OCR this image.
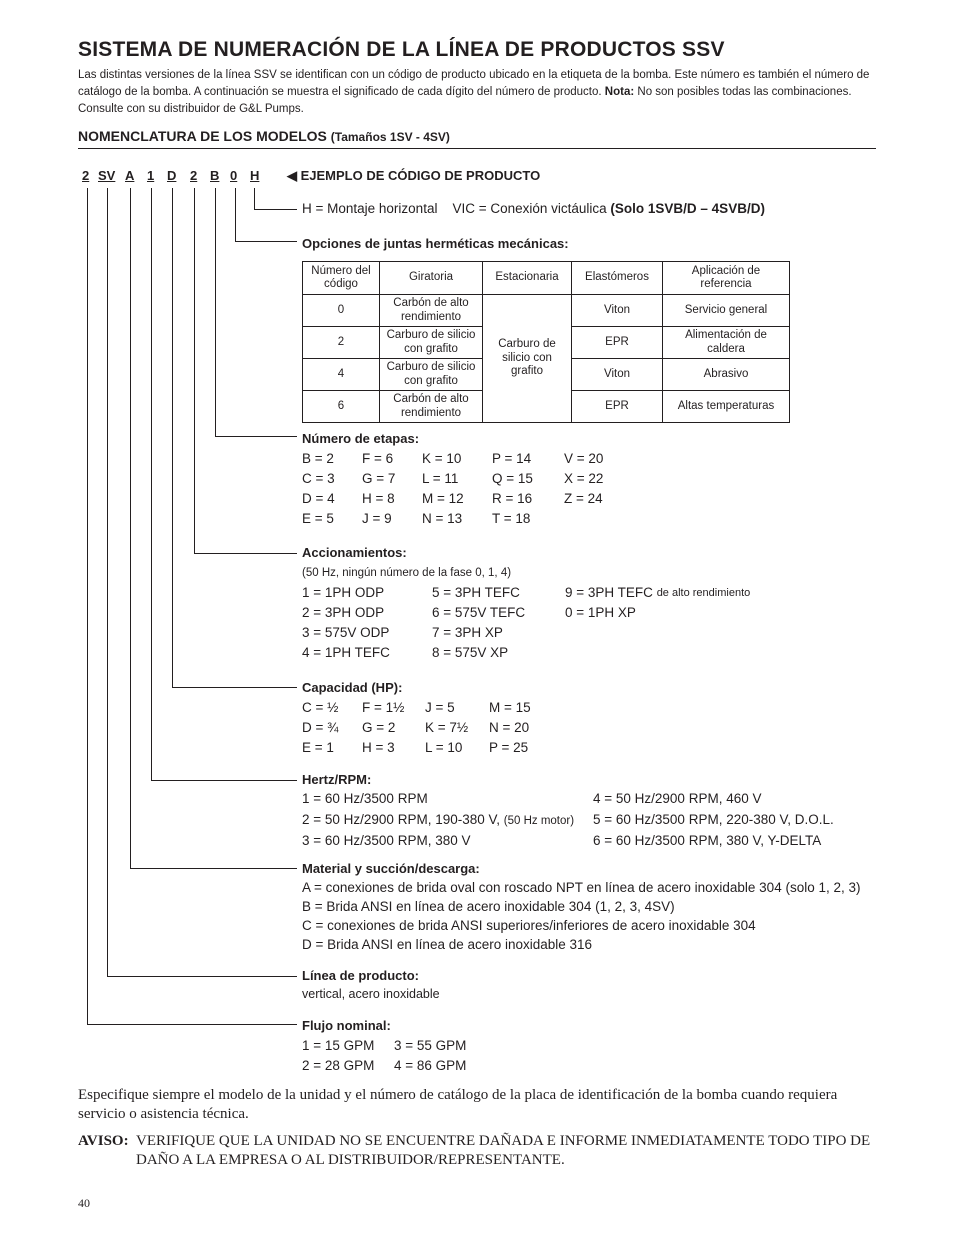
SISTEMA DE NUMERACIÓN DE LA LÍNEA DE PRODUCTOS SSV
Las distintas versiones de la línea SSV se identifican con un código de producto ubicado en la etiqueta de la bomba. Este número es también el número de catálogo de la bomba. A continuación se muestra el significado de cada dígito del número de producto. Nota: No son posibles todas las combinaciones. Consulte con su distribuidor de G&L Pumps.
NOMENCLATURA DE LOS MODELOS (Tamaños 1SV - 4SV)
2 SV A 1 D 2 B 0 H ◀ EJEMPLO DE CÓDIGO DE PRODUCTO
H = Montaje horizontal    VIC = Conexión victáulica (Solo 1SVB/D – 4SVB/D)
Opciones de juntas herméticas mecánicas:
Número del código	Giratoria	Estacionaria	Elastómeros	Aplicación de referencia
0	Carbón de alto rendimiento	Carburo de silicio con grafito	Viton	Servicio general
2	Carburo de silicio con grafito		EPR	Alimentación de caldera
4	Carburo de silicio con grafito		Viton	Abrasivo
6	Carbón de alto rendimiento		EPR	Altas temperaturas
Número de etapas:
B = 2	F = 6	K = 10	P = 14	V = 20
C = 3	G = 7	L = 11	Q = 15	X = 22
D = 4	H = 8	M = 12	R = 16	Z = 24
E = 5	J = 9	N = 13	T = 18
Accionamientos:
(50 Hz, ningún número de la fase 0, 1, 4)
1 = 1PH ODP	5 = 3PH TEFC	9 = 3PH TEFC
de alto rendimiento
2 = 3PH ODP	6 = 575V TEFC	0 = 1PH XP
3 = 575V ODP	7 = 3PH XP
4 = 1PH TEFC	8 = 575V XP
Capacidad (HP):
C = ½	F = 1½	J = 5	M = 15
D = ¾	G = 2	K = 7½	N = 20
E = 1	H = 3	L = 10	P = 25
Hertz/RPM:
1 = 60 Hz/3500 RPM	4 = 50 Hz/2900 RPM, 460 V
2 = 50 Hz/2900 RPM, 190-380 V, (50 Hz motor)	5 = 60 Hz/3500 RPM, 220-380 V, D.O.L.
3 = 60 Hz/3500 RPM, 380 V	6 = 60 Hz/3500 RPM, 380 V, Y-DELTA
Material y succión/descarga:
A = conexiones de brida oval con roscado NPT en línea de acero inoxidable 304 (solo 1, 2, 3)
B = Brida ANSI en línea de acero inoxidable 304 (1, 2, 3, 4SV)
C = conexiones de brida ANSI superiores/inferiores de acero inoxidable 304
D = Brida ANSI en línea de acero inoxidable 316
Línea de producto:
vertical, acero inoxidable
Flujo nominal:
1 = 15 GPM	3 = 55 GPM
2 = 28 GPM	4 = 86 GPM
Especifique siempre el modelo de la unidad y el número de catálogo de la placa de identificación de la bomba cuando requiera servicio o asistencia técnica.
AVISO: VERIFIQUE QUE LA UNIDAD NO SE ENCUENTRE DAÑADA E INFORME INMEDIATAMENTE TODO TIPO DE DAÑO A LA EMPRESA O AL DISTRIBUIDOR/REPRESENTANTE.
40
